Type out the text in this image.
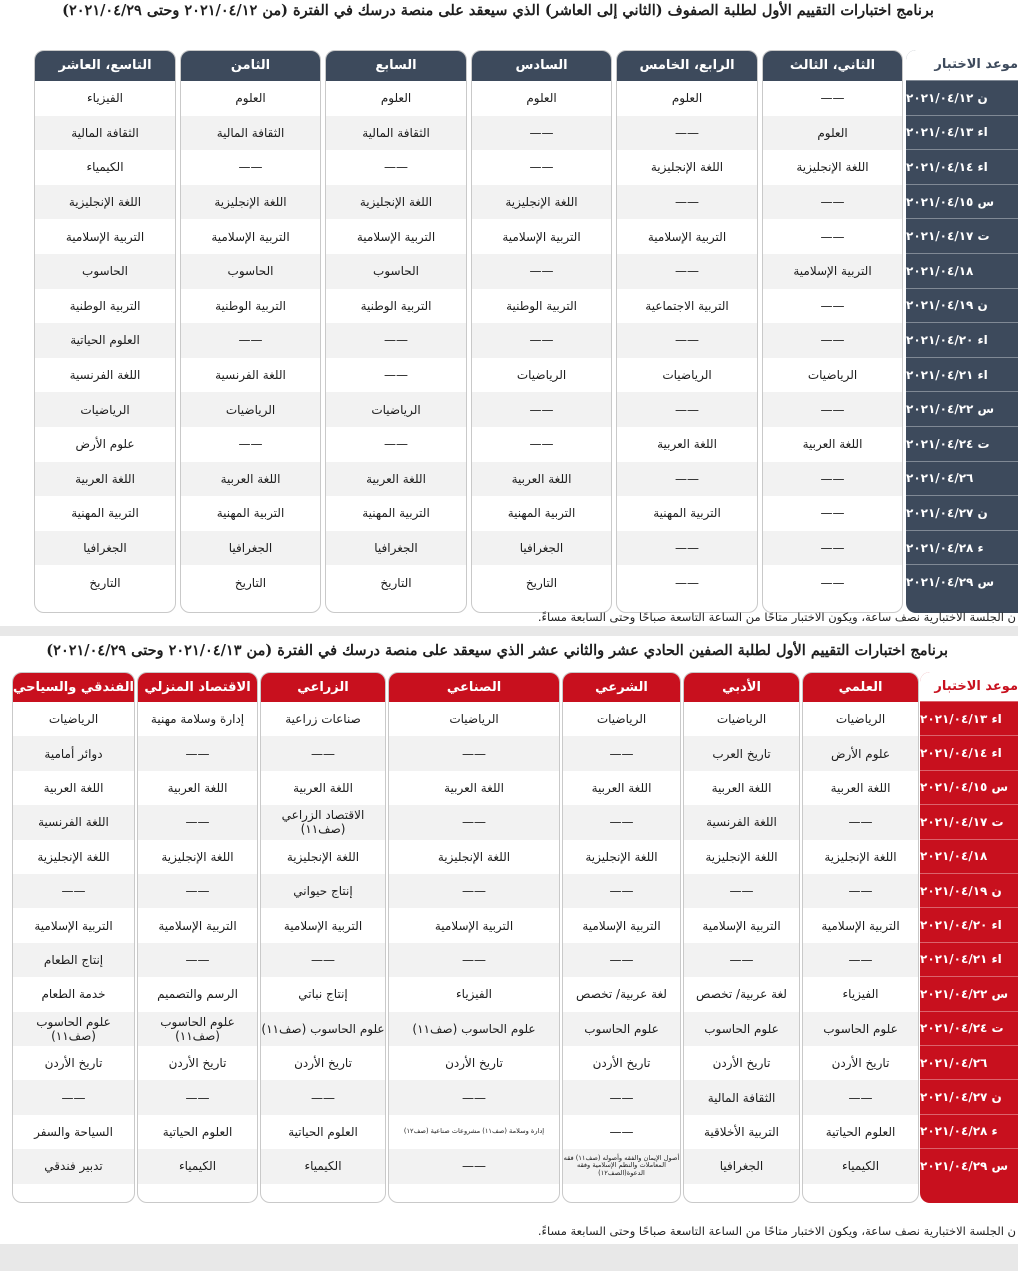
برنامج اختبارات التقييم الأول لطلبة الصفوف (الثاني إلى العاشر) الذي سيعقد على منصة درسك في الفترة (من ٢٠٢١/٠٤/١٢ وحتى ٢٠٢١/٠٤/٢٩)
الثاني، الثالث
——
العلوم
اللغة الإنجليزية
——
——
التربية الإسلامية
——
——
الرياضيات
——
اللغة العربية
——
——
——
——
الرابع، الخامس
العلوم
——
اللغة الإنجليزية
——
التربية الإسلامية
——
التربية الاجتماعية
——
الرياضيات
——
اللغة العربية
——
التربية المهنية
——
——
السادس
العلوم
——
——
اللغة الإنجليزية
التربية الإسلامية
——
التربية الوطنية
——
الرياضيات
——
——
اللغة العربية
التربية المهنية
الجغرافيا
التاريخ
السابع
العلوم
الثقافة المالية
——
اللغة الإنجليزية
التربية الإسلامية
الحاسوب
التربية الوطنية
——
——
الرياضيات
——
اللغة العربية
التربية المهنية
الجغرافيا
التاريخ
الثامن
العلوم
الثقافة المالية
——
اللغة الإنجليزية
التربية الإسلامية
الحاسوب
التربية الوطنية
——
اللغة الفرنسية
الرياضيات
——
اللغة العربية
التربية المهنية
الجغرافيا
التاريخ
التاسع، العاشر
الفيزياء
الثقافة المالية
الكيمياء
اللغة الإنجليزية
التربية الإسلامية
الحاسوب
التربية الوطنية
العلوم الحياتية
اللغة الفرنسية
الرياضيات
علوم الأرض
اللغة العربية
التربية المهنية
الجغرافيا
التاريخ
موعد الاختبار
ن ٢٠٢١/٠٤/١٢
اء ٢٠٢١/٠٤/١٣
اء ٢٠٢١/٠٤/١٤
س ٢٠٢١/٠٤/١٥
ت ٢٠٢١/٠٤/١٧
٢٠٢١/٠٤/١٨
ن ٢٠٢١/٠٤/١٩
اء ٢٠٢١/٠٤/٢٠
اء ٢٠٢١/٠٤/٢١
س ٢٠٢١/٠٤/٢٢
ت ٢٠٢١/٠٤/٢٤
٢٠٢١/٠٤/٢٦
ن ٢٠٢١/٠٤/٢٧
ء ٢٠٢١/٠٤/٢٨
س ٢٠٢١/٠٤/٢٩
ن الجلسة الاختبارية نصف ساعة، ويكون الاختبار متاحًا من الساعة التاسعة صباحًا وحتى السابعة مساءً.
برنامج اختبارات التقييم الأول لطلبة الصفين الحادي عشر والثاني عشر الذي سيعقد على منصة درسك في الفترة (من ٢٠٢١/٠٤/١٣ وحتى ٢٠٢١/٠٤/٢٩)
العلمي
الرياضيات
علوم الأرض
اللغة العربية
——
اللغة الإنجليزية
——
التربية الإسلامية
——
الفيزياء
علوم الحاسوب
تاريخ الأردن
——
العلوم الحياتية
الكيمياء
الأدبي
الرياضيات
تاريخ العرب
اللغة العربية
اللغة الفرنسية
اللغة الإنجليزية
——
التربية الإسلامية
——
لغة عربية/ تخصص
علوم الحاسوب
تاريخ الأردن
الثقافة المالية
التربية الأخلاقية
الجغرافيا
الشرعي
الرياضيات
——
اللغة العربية
——
اللغة الإنجليزية
——
التربية الإسلامية
——
لغة عربية/ تخصص
علوم الحاسوب
تاريخ الأردن
——
——
أصول الإيمان والفقه وأصوله (صف١١) فقه المعاملات والنظم الإسلامية وفقه الدعوة(الصف١٢)
الصناعي
الرياضيات
——
اللغة العربية
——
اللغة الإنجليزية
——
التربية الإسلامية
——
الفيزياء
علوم الحاسوب (صف١١)
تاريخ الأردن
——
إدارة وسلامة (صف١١) مشروعات صناعية (صف١٢)
——
الزراعي
صناعات زراعية
——
اللغة العربية
الاقتصاد الزراعي (صف١١)
اللغة الإنجليزية
إنتاج حيواني
التربية الإسلامية
——
إنتاج نباتي
علوم الحاسوب (صف١١)
تاريخ الأردن
——
العلوم الحياتية
الكيمياء
الاقتصاد المنزلي
إدارة وسلامة مهنية
——
اللغة العربية
——
اللغة الإنجليزية
——
التربية الإسلامية
——
الرسم والتصميم
علوم الحاسوب (صف١١)
تاريخ الأردن
——
العلوم الحياتية
الكيمياء
الفندقي والسياحي
الرياضيات
دوائر أمامية
اللغة العربية
اللغة الفرنسية
اللغة الإنجليزية
——
التربية الإسلامية
إنتاج الطعام
خدمة الطعام
علوم الحاسوب (صف١١)
تاريخ الأردن
——
السياحة والسفر
تدبير فندقي
موعد الاختبار
اء ٢٠٢١/٠٤/١٣
اء ٢٠٢١/٠٤/١٤
س ٢٠٢١/٠٤/١٥
ت ٢٠٢١/٠٤/١٧
٢٠٢١/٠٤/١٨
ن ٢٠٢١/٠٤/١٩
اء ٢٠٢١/٠٤/٢٠
اء ٢٠٢١/٠٤/٢١
س ٢٠٢١/٠٤/٢٢
ت ٢٠٢١/٠٤/٢٤
٢٠٢١/٠٤/٢٦
ن ٢٠٢١/٠٤/٢٧
ء ٢٠٢١/٠٤/٢٨
س ٢٠٢١/٠٤/٢٩
ن الجلسة الاختبارية نصف ساعة، ويكون الاختبار متاحًا من الساعة التاسعة صباحًا وحتى السابعة مساءً.
